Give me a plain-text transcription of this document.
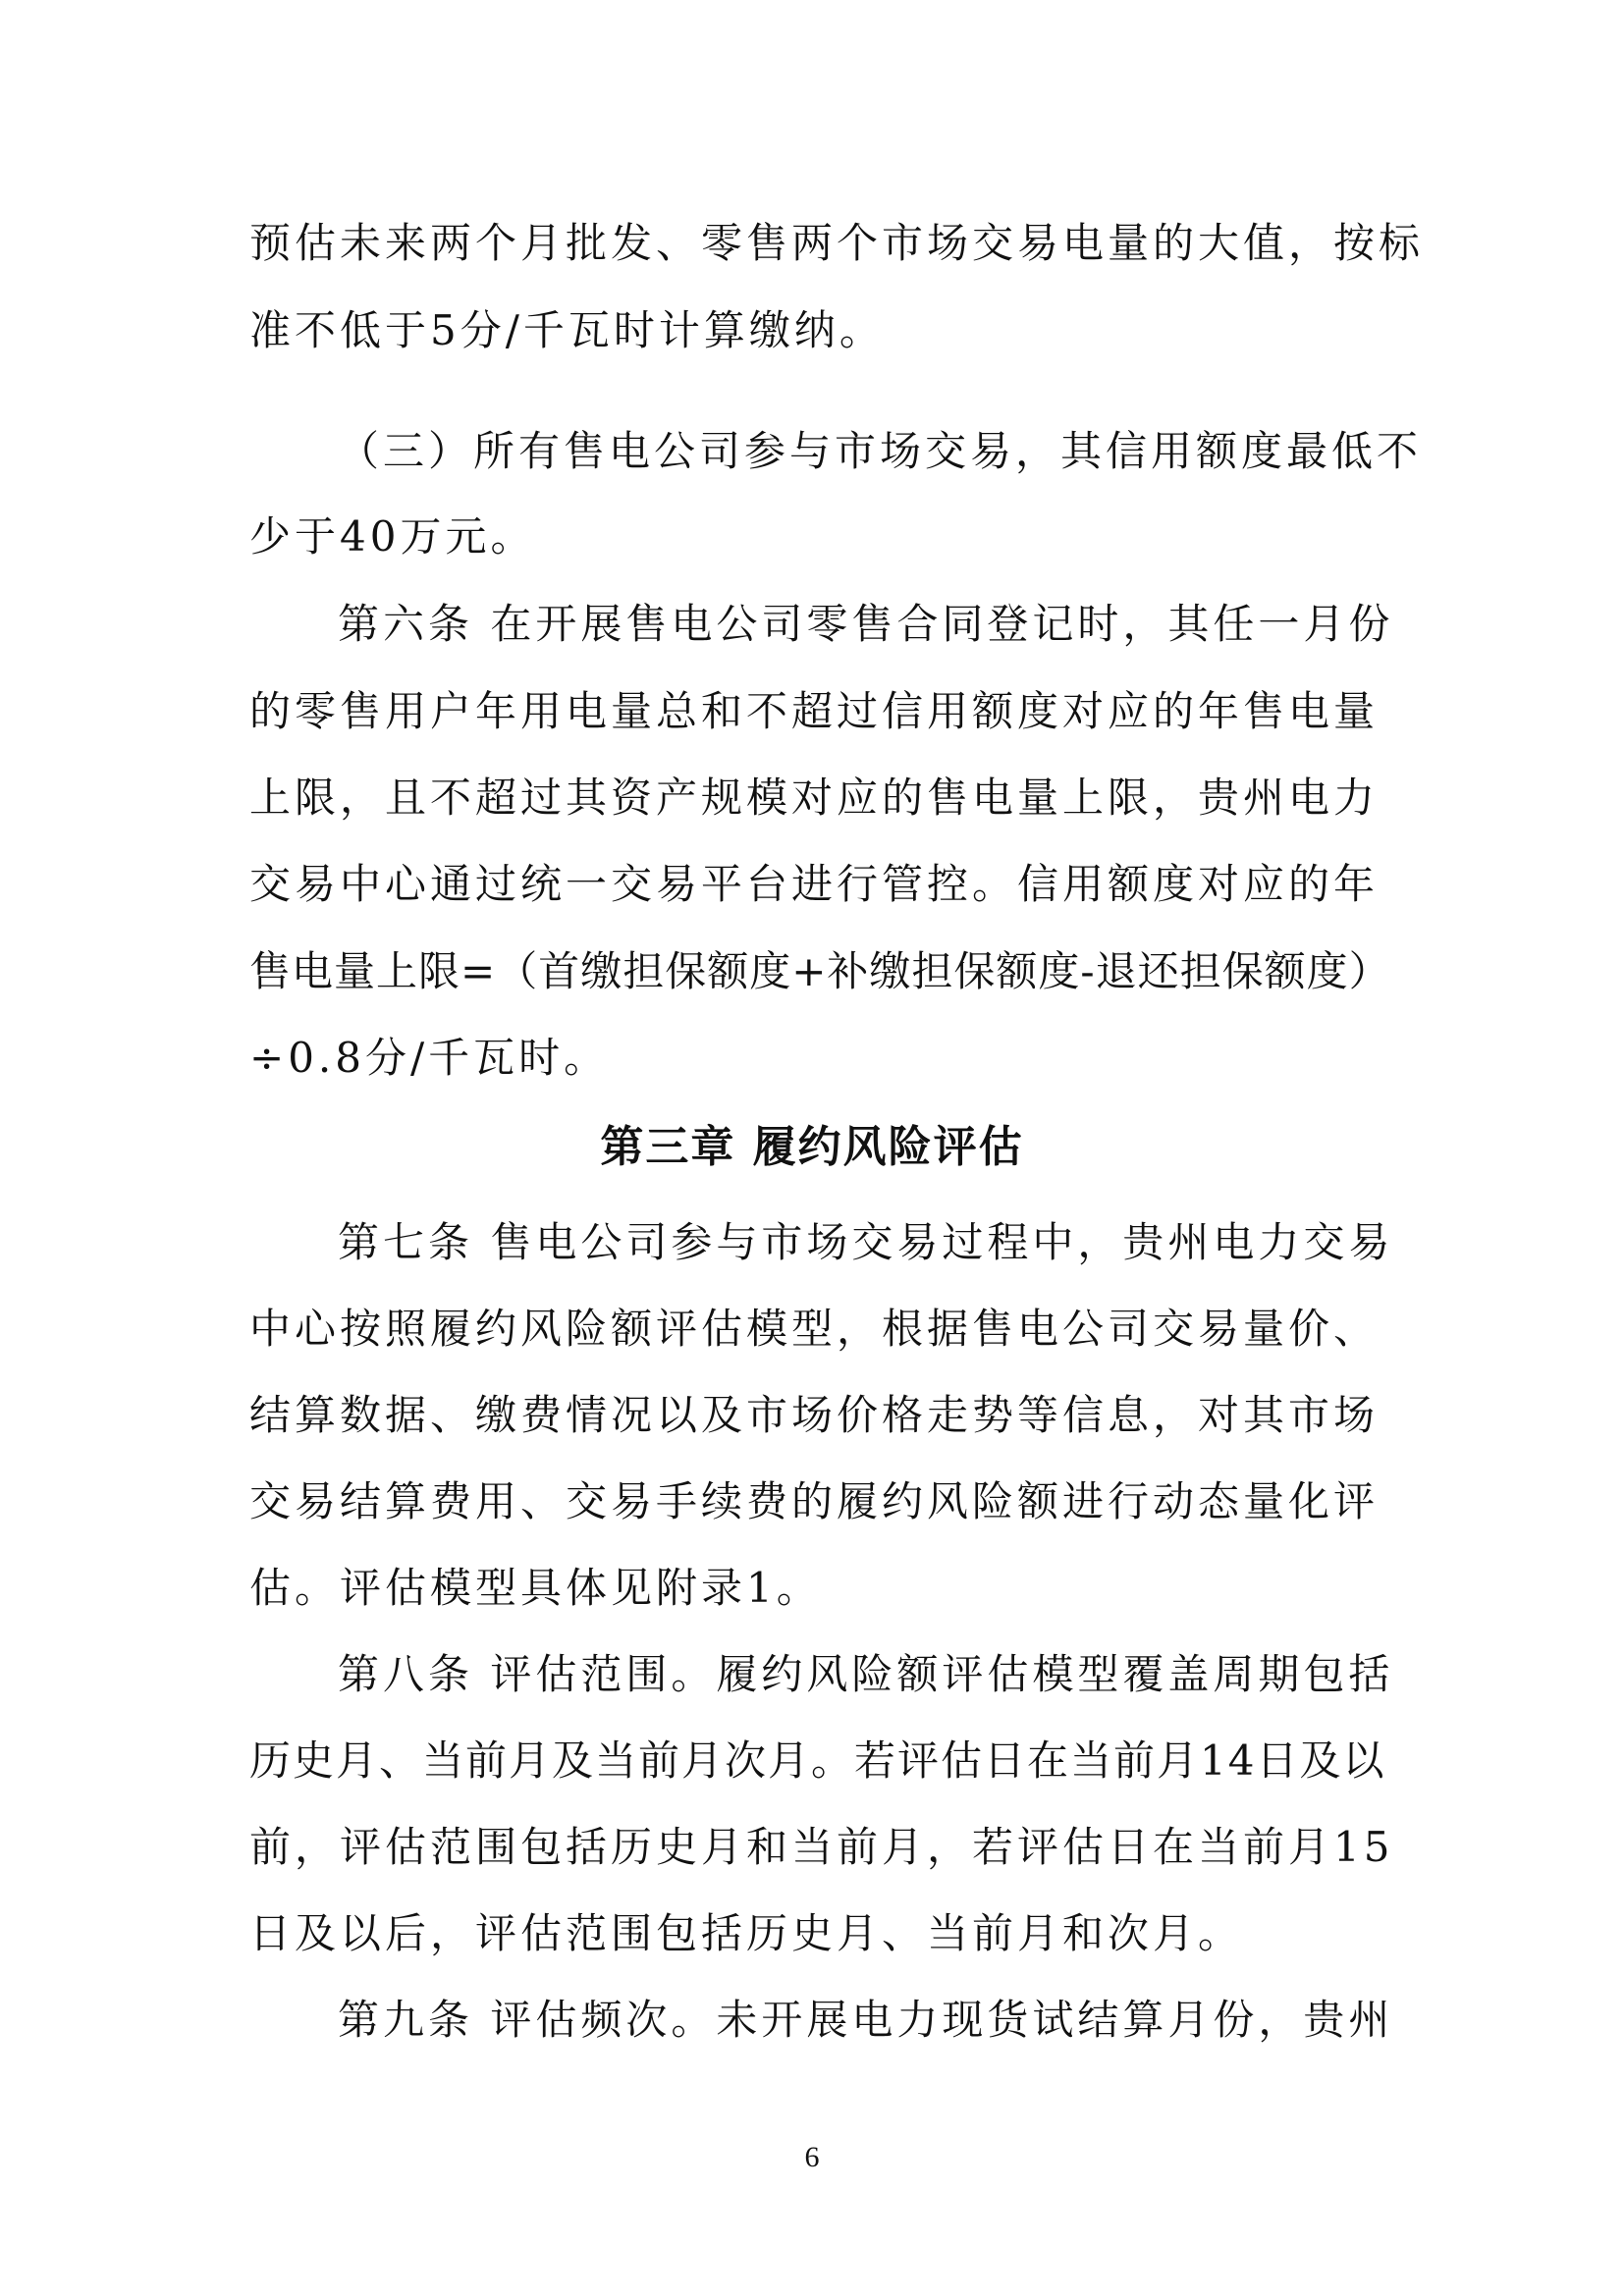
预估未来两个月批发、零售两个市场交易电量的大值，按标
准不低于5分/千瓦时计算缴纳。
（三）所有售电公司参与市场交易，其信用额度最低不
少于40万元。
第六条 在开展售电公司零售合同登记时，其任一月份
的零售用户年用电量总和不超过信用额度对应的年售电量
上限，且不超过其资产规模对应的售电量上限，贵州电力
交易中心通过统一交易平台进行管控。信用额度对应的年
售电量上限=（首缴担保额度+补缴担保额度-退还担保额度）
÷0.8分/千瓦时。
第三章 履约风险评估
第七条 售电公司参与市场交易过程中，贵州电力交易
中心按照履约风险额评估模型，根据售电公司交易量价、
结算数据、缴费情况以及市场价格走势等信息，对其市场
交易结算费用、交易手续费的履约风险额进行动态量化评
估。评估模型具体见附录1。
第八条 评估范围。履约风险额评估模型覆盖周期包括
历史月、当前月及当前月次月。若评估日在当前月14日及以
前，评估范围包括历史月和当前月，若评估日在当前月15
日及以后，评估范围包括历史月、当前月和次月。
第九条 评估频次。未开展电力现货试结算月份，贵州
6
